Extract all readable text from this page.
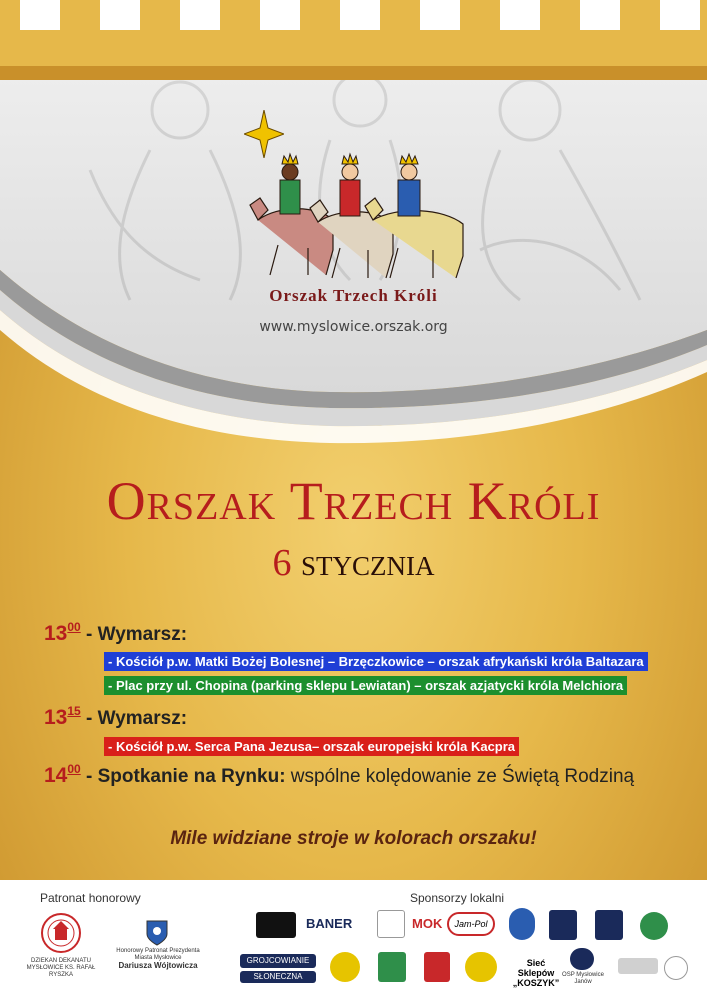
Orszak Trzech Króli
www.myslowice.orszak.org
Orszak Trzech Króli
6 stycznia
$13^{00}$ - Wymarsz:
- Kościół p.w. Matki Bożej Bolesnej – Brzęczkowice – orszak afrykański króla Baltazara
- Plac przy ul. Chopina (parking sklepu Lewiatan) – orszak azjatycki króla Melchiora
$13^{15}$ - Wymarsz:
- Kościół p.w. Serca Pana Jezusa– orszak europejski króla Kacpra
$14^{00}$ - Spotkanie na Rynku: wspólne kolędowanie ze Świętą Rodziną
Mile widziane stroje w kolorach orszaku!
Patronat honorowy	Sponsorzy lokalni
DZIEKAN DEKANATU MYSŁOWICE KS. RAFAŁ RYSZKA
Honorowy Patronat Prezydenta Miasta Mysłowice
Dariusza Wójtowicza
BANER	MOK	Jam-Pol
GROJCOWIANIE
SŁONECZNA
Sieć Sklepów „KOSZYK”
OSP Mysłowice Janów
